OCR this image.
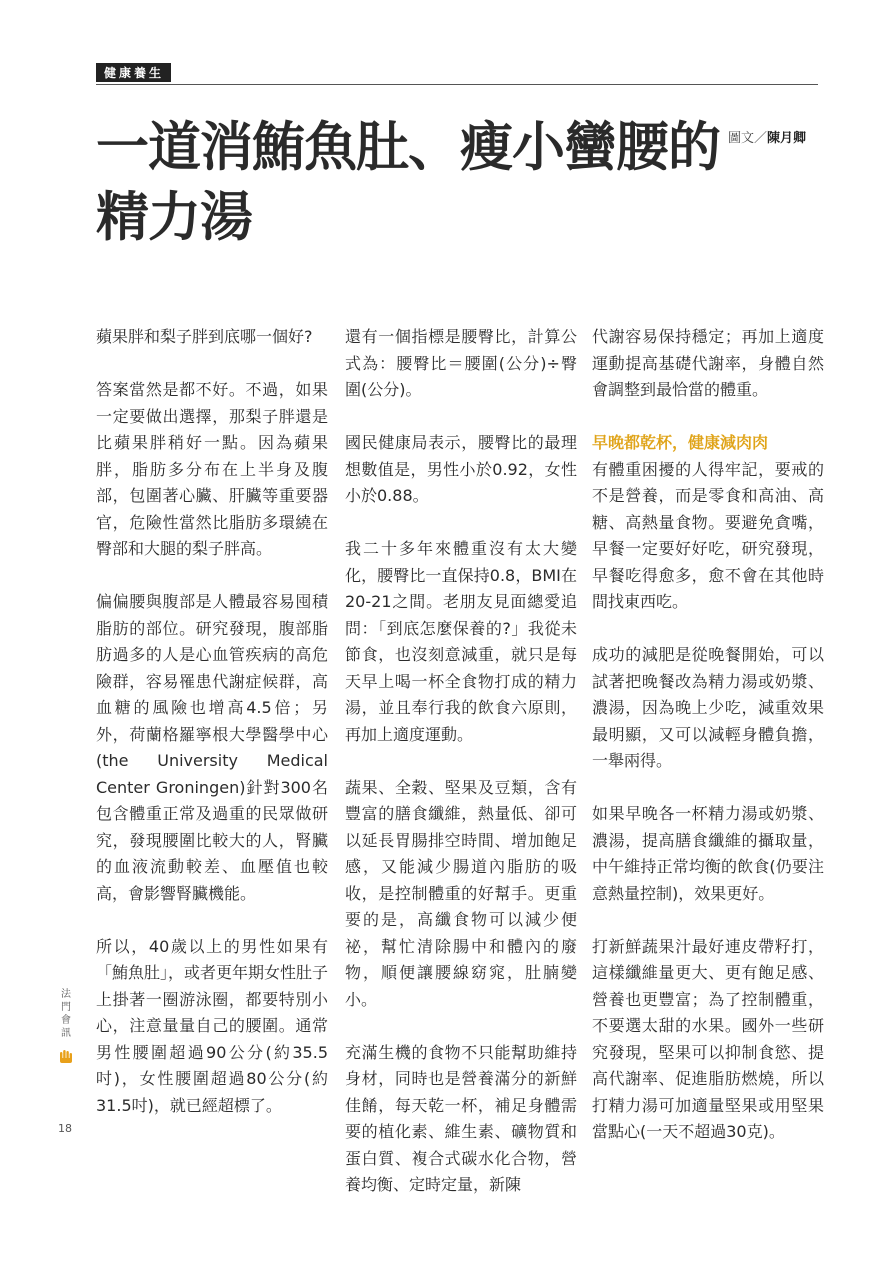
健康養生
一道消鮪魚肚、瘦小蠻腰的
精力湯
圖文／陳月卿

蘋果胖和梨子胖到底哪一個好?

答案當然是都不好。不過，如果一定要做出選擇，那梨子胖還是比蘋果胖稍好一點。因為蘋果胖，脂肪多分布在上半身及腹部，包圍著心臟、肝臟等重要器官，危險性當然比脂肪多環繞在臀部和大腿的梨子胖高。

偏偏腰與腹部是人體最容易囤積脂肪的部位。研究發現，腹部脂肪過多的人是心血管疾病的高危險群，容易罹患代謝症候群，高血糖的風險也增高4.5倍；另外，荷蘭格羅寧根大學醫學中心(the University Medical Center Groningen)針對300名包含體重正常及過重的民眾做研究，發現腰圍比較大的人，腎臟的血液流動較差、血壓值也較高，會影響腎臟機能。

所以，40歲以上的男性如果有「鮪魚肚」，或者更年期女性肚子上掛著一圈游泳圈，都要特別小心，注意量量自己的腰圍。通常男性腰圍超過90公分(約35.5吋)，女性腰圍超過80公分(約31.5吋)，就已經超標了。

還有一個指標是腰臀比，計算公式為：腰臀比＝腰圍(公分)÷臀圍(公分)。

國民健康局表示，腰臀比的最理想數值是，男性小於0.92，女性小於0.88。

我二十多年來體重沒有太大變化，腰臀比一直保持0.8，BMI在20-21之間。老朋友見面總愛追問：「到底怎麼保養的?」我從未節食，也沒刻意減重，就只是每天早上喝一杯全食物打成的精力湯，並且奉行我的飲食六原則，再加上適度運動。

蔬果、全穀、堅果及豆類，含有豐富的膳食纖維，熱量低、卻可以延長胃腸排空時間、增加飽足感，又能減少腸道內脂肪的吸收，是控制體重的好幫手。更重要的是，高纖食物可以減少便祕，幫忙清除腸中和體內的廢物，順便讓腰線窈窕，肚腩變小。

充滿生機的食物不只能幫助維持身材，同時也是營養滿分的新鮮佳餚，每天乾一杯，補足身體需要的植化素、維生素、礦物質和蛋白質、複合式碳水化合物，營養均衡、定時定量，新陳

代謝容易保持穩定；再加上適度運動提高基礎代謝率，身體自然會調整到最恰當的體重。

早晚都乾杯，健康減肉肉

有體重困擾的人得牢記，要戒的不是營養，而是零食和高油、高糖、高熱量食物。要避免貪嘴，早餐一定要好好吃，研究發現，早餐吃得愈多，愈不會在其他時間找東西吃。

成功的減肥是從晚餐開始，可以試著把晚餐改為精力湯或奶漿、濃湯，因為晚上少吃，減重效果最明顯，又可以減輕身體負擔，一舉兩得。

如果早晚各一杯精力湯或奶漿、濃湯，提高膳食纖維的攝取量，中午維持正常均衡的飲食(仍要注意熱量控制)，效果更好。

打新鮮蔬果汁最好連皮帶籽打，這樣纖維量更大、更有飽足感、營養也更豐富；為了控制體重，不要選太甜的水果。國外一些研究發現，堅果可以抑制食慾、提高代謝率、促進脂肪燃燒，所以打精力湯可加適量堅果或用堅果當點心(一天不超過30克)。

法
門
會
訊
18
